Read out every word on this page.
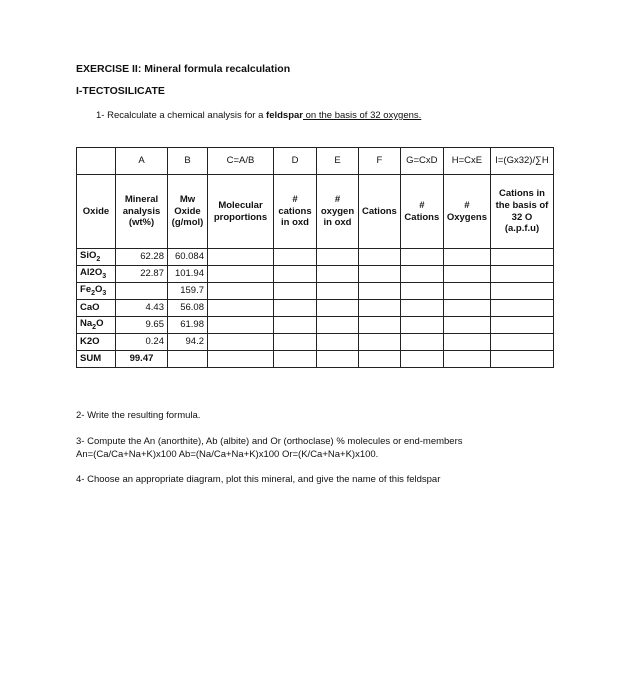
EXERCISE II: Mineral formula recalculation
I-TECTOSILICATE
1- Recalculate a chemical analysis for a feldspar on the basis of 32 oxygens.
	A	B	C=A/B	D	E	F	G=CxD	H=CxE	I=(Gx32)/∑H
Oxide	Mineral analysis (wt%)	Mw Oxide (g/mol)	Molecular proportions	# cations in oxd	# oxygen in oxd	Cations	# Cations	# Oxygens	Cations in the basis of 32 O (a.p.f.u)
SiO$_2$	62.28	60.084							
$Al2O_3$	22.87	101.94							
$Fe_2O_3$		159.7							
CaO	4.43	56.08							
$Na_2O$	9.65	61.98							
K2O	0.24	94.2							
SUM	99.47								
2- Write the resulting formula.
3- Compute the An (anorthite), Ab (albite) and Or (orthoclase) % molecules or end-members
An=(Ca/Ca+Na+K)x100 Ab=(Na/Ca+Na+K)x100 Or=(K/Ca+Na+K)x100.
4- Choose an appropriate diagram, plot this mineral, and give the name of this feldspar
